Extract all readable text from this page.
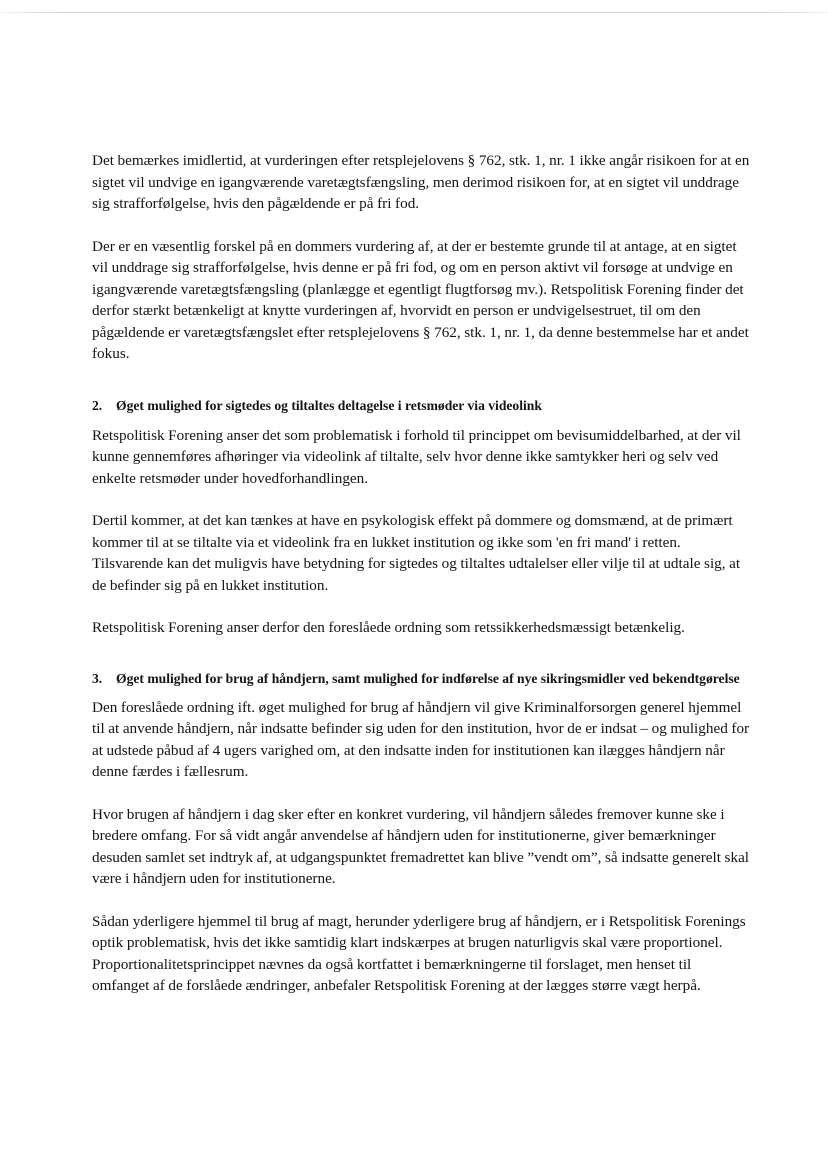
Det bemærkes imidlertid, at vurderingen efter retsplejelovens § 762, stk. 1, nr. 1 ikke angår risikoen for at en sigtet vil undvige en igangværende varetægtsfængsling, men derimod risikoen for, at en sigtet vil unddrage sig strafforfølgelse, hvis den pågældende er på fri fod.

Der er en væsentlig forskel på en dommers vurdering af, at der er bestemte grunde til at antage, at en sigtet vil unddrage sig strafforfølgelse, hvis denne er på fri fod, og om en person aktivt vil forsøge at undvige en igangværende varetægtsfængsling (planlægge et egentligt flugtforsøg mv.). Retspolitisk Forening finder det derfor stærkt betænkeligt at knytte vurderingen af, hvorvidt en person er undvigelsestruet, til om den pågældende er varetægtsfængslet efter retsplejelovens § 762, stk. 1, nr. 1, da denne bestemmelse har et andet fokus.

2.	Øget mulighed for sigtedes og tiltaltes deltagelse i retsmøder via videolink

Retspolitisk Forening anser det som problematisk i forhold til princippet om bevisumiddelbarhed, at der vil kunne gennemføres afhøringer via videolink af tiltalte, selv hvor denne ikke samtykker heri og selv ved enkelte retsmøder under hovedforhandlingen.

Dertil kommer, at det kan tænkes at have en psykologisk effekt på dommere og domsmænd, at de primært kommer til at se tiltalte via et videolink fra en lukket institution og ikke som 'en fri mand' i retten. Tilsvarende kan det muligvis have betydning for sigtedes og tiltaltes udtalelser eller vilje til at udtale sig, at de befinder sig på en lukket institution.

Retspolitisk Forening anser derfor den foreslåede ordning som retssikkerhedsmæssigt betænkelig.

3.	Øget mulighed for brug af håndjern, samt mulighed for indførelse af nye sikringsmidler ved bekendtgørelse

Den foreslåede ordning ift. øget mulighed for brug af håndjern vil give Kriminalforsorgen generel hjemmel til at anvende håndjern, når indsatte befinder sig uden for den institution, hvor de er indsat – og mulighed for at udstede påbud af 4 ugers varighed om, at den indsatte inden for institutionen kan ilægges håndjern når denne færdes i fællesrum.

Hvor brugen af håndjern i dag sker efter en konkret vurdering, vil håndjern således fremover kunne ske i bredere omfang. For så vidt angår anvendelse af håndjern uden for institutionerne, giver bemærkninger desuden samlet set indtryk af, at udgangspunktet fremadrettet kan blive ”vendt om”, så indsatte generelt skal være i håndjern uden for institutionerne.

Sådan yderligere hjemmel til brug af magt, herunder yderligere brug af håndjern, er i Retspolitisk Forenings optik problematisk, hvis det ikke samtidig klart indskærpes at brugen naturligvis skal være proportionel. Proportionalitetsprincippet nævnes da også kortfattet i bemærkningerne til forslaget, men henset til omfanget af de forslåede ændringer, anbefaler Retspolitisk Forening at der lægges større vægt herpå.
